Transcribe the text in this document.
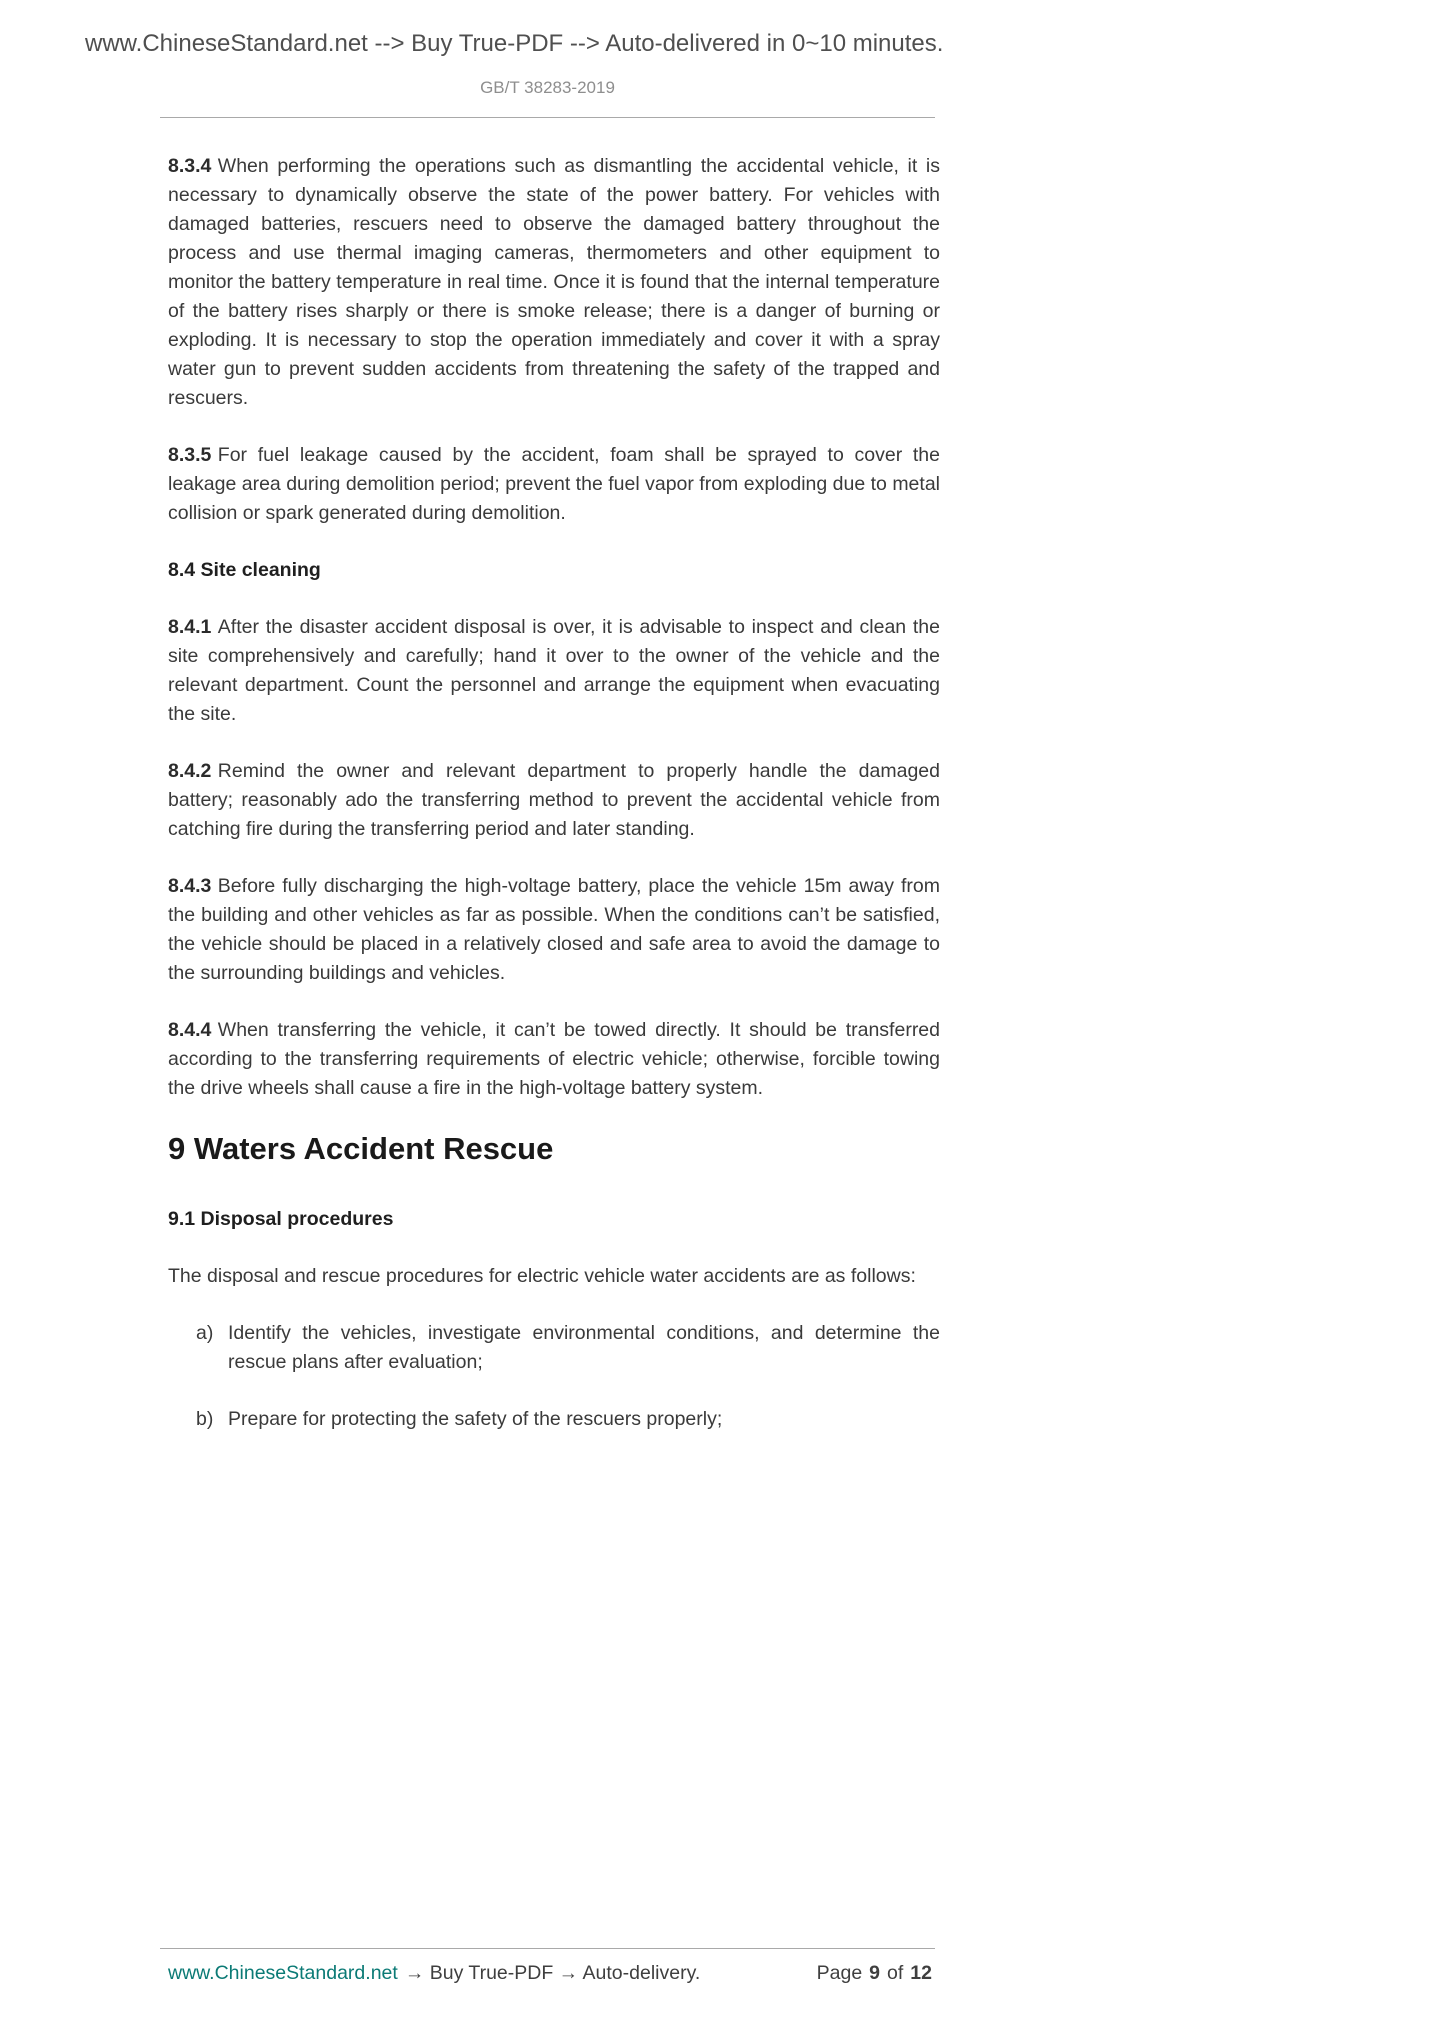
www.ChineseStandard.net --> Buy True-PDF --> Auto-delivered in 0~10 minutes.
GB/T 38283-2019

8.3.4 When performing the operations such as dismantling the accidental vehicle, it is necessary to dynamically observe the state of the power battery. For vehicles with damaged batteries, rescuers need to observe the damaged battery throughout the process and use thermal imaging cameras, thermometers and other equipment to monitor the battery temperature in real time. Once it is found that the internal temperature of the battery rises sharply or there is smoke release; there is a danger of burning or exploding. It is necessary to stop the operation immediately and cover it with a spray water gun to prevent sudden accidents from threatening the safety of the trapped and rescuers.

8.3.5 For fuel leakage caused by the accident, foam shall be sprayed to cover the leakage area during demolition period; prevent the fuel vapor from exploding due to metal collision or spark generated during demolition.

8.4 Site cleaning

8.4.1 After the disaster accident disposal is over, it is advisable to inspect and clean the site comprehensively and carefully; hand it over to the owner of the vehicle and the relevant department. Count the personnel and arrange the equipment when evacuating the site.

8.4.2 Remind the owner and relevant department to properly handle the damaged battery; reasonably ado the transferring method to prevent the accidental vehicle from catching fire during the transferring period and later standing.

8.4.3 Before fully discharging the high-voltage battery, place the vehicle 15m away from the building and other vehicles as far as possible. When the conditions can’t be satisfied, the vehicle should be placed in a relatively closed and safe area to avoid the damage to the surrounding buildings and vehicles.

8.4.4 When transferring the vehicle, it can’t be towed directly. It should be transferred according to the transferring requirements of electric vehicle; otherwise, forcible towing the drive wheels shall cause a fire in the high-voltage battery system.

9 Waters Accident Rescue
9.1 Disposal procedures

The disposal and rescue procedures for electric vehicle water accidents are as follows:

a) Identify the vehicles, investigate environmental conditions, and determine the rescue plans after evaluation;
b) Prepare for protecting the safety of the rescuers properly;
www.ChineseStandard.net → Buy True-PDF → Auto-delivery.	Page 9 of 12
